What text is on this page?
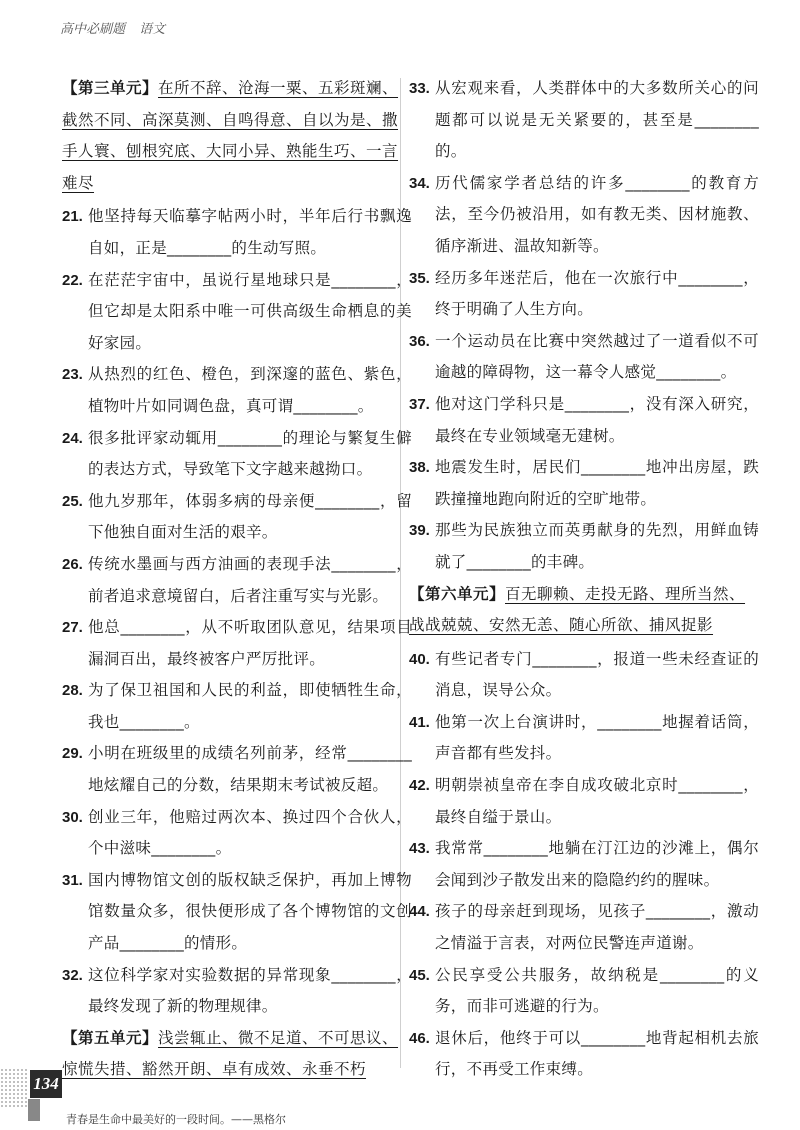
高中必刷题 语文
【第三单元】在所不辞、沧海一粟、五彩斑斓、截然不同、高深莫测、自鸣得意、自以为是、撒手人寰、刨根究底、大同小异、熟能生巧、一言难尽
21. 他坚持每天临摹字帖两小时，半年后行书飘逸自如，正是________的生动写照。
22. 在茫茫宇宙中，虽说行星地球只是________，但它却是太阳系中唯一可供高级生命栖息的美好家园。
23. 从热烈的红色、橙色，到深邃的蓝色、紫色，植物叶片如同调色盘，真可谓________。
24. 很多批评家动辄用________的理论与繁复生僻的表达方式，导致笔下文字越来越拗口。
25. 他九岁那年，体弱多病的母亲便________，留下他独自面对生活的艰辛。
26. 传统水墨画与西方油画的表现手法________，前者追求意境留白，后者注重写实与光影。
27. 他总________，从不听取团队意见，结果项目漏洞百出，最终被客户严厉批评。
28. 为了保卫祖国和人民的利益，即使牺牲生命，我也________。
29. 小明在班级里的成绩名列前茅，经常________地炫耀自己的分数，结果期末考试被反超。
30. 创业三年，他赔过两次本、换过四个合伙人，个中滋味________。
31. 国内博物馆文创的版权缺乏保护，再加上博物馆数量众多，很快便形成了各个博物馆的文创产品________的情形。
32. 这位科学家对实验数据的异常现象________，最终发现了新的物理规律。
【第五单元】浅尝辄止、微不足道、不可思议、惊慌失措、豁然开朗、卓有成效、永垂不朽
33. 从宏观来看，人类群体中的大多数所关心的问题都可以说是无关紧要的，甚至是________的。
34. 历代儒家学者总结的许多________的教育方法，至今仍被沿用，如有教无类、因材施教、循序渐进、温故知新等。
35. 经历多年迷茫后，他在一次旅行中________，终于明确了人生方向。
36. 一个运动员在比赛中突然越过了一道看似不可逾越的障碍物，这一幕令人感觉________。
37. 他对这门学科只是________，没有深入研究，最终在专业领域毫无建树。
38. 地震发生时，居民们________地冲出房屋，跌跌撞撞地跑向附近的空旷地带。
39. 那些为民族独立而英勇献身的先烈，用鲜血铸就了________的丰碑。
【第六单元】百无聊赖、走投无路、理所当然、战战兢兢、安然无恙、随心所欲、捕风捉影
40. 有些记者专门________，报道一些未经查证的消息，误导公众。
41. 他第一次上台演讲时，________地握着话筒，声音都有些发抖。
42. 明朝崇祯皇帝在李自成攻破北京时________，最终自缢于景山。
43. 我常常________地躺在汀江边的沙滩上，偶尔会闻到沙子散发出来的隐隐约约的腥味。
44. 孩子的母亲赶到现场，见孩子________，激动之情溢于言表，对两位民警连声道谢。
45. 公民享受公共服务，故纳税是________的义务，而非可逃避的行为。
46. 退休后，他终于可以________地背起相机去旅行，不再受工作束缚。
134
青春是生命中最美好的一段时间。——黑格尔
